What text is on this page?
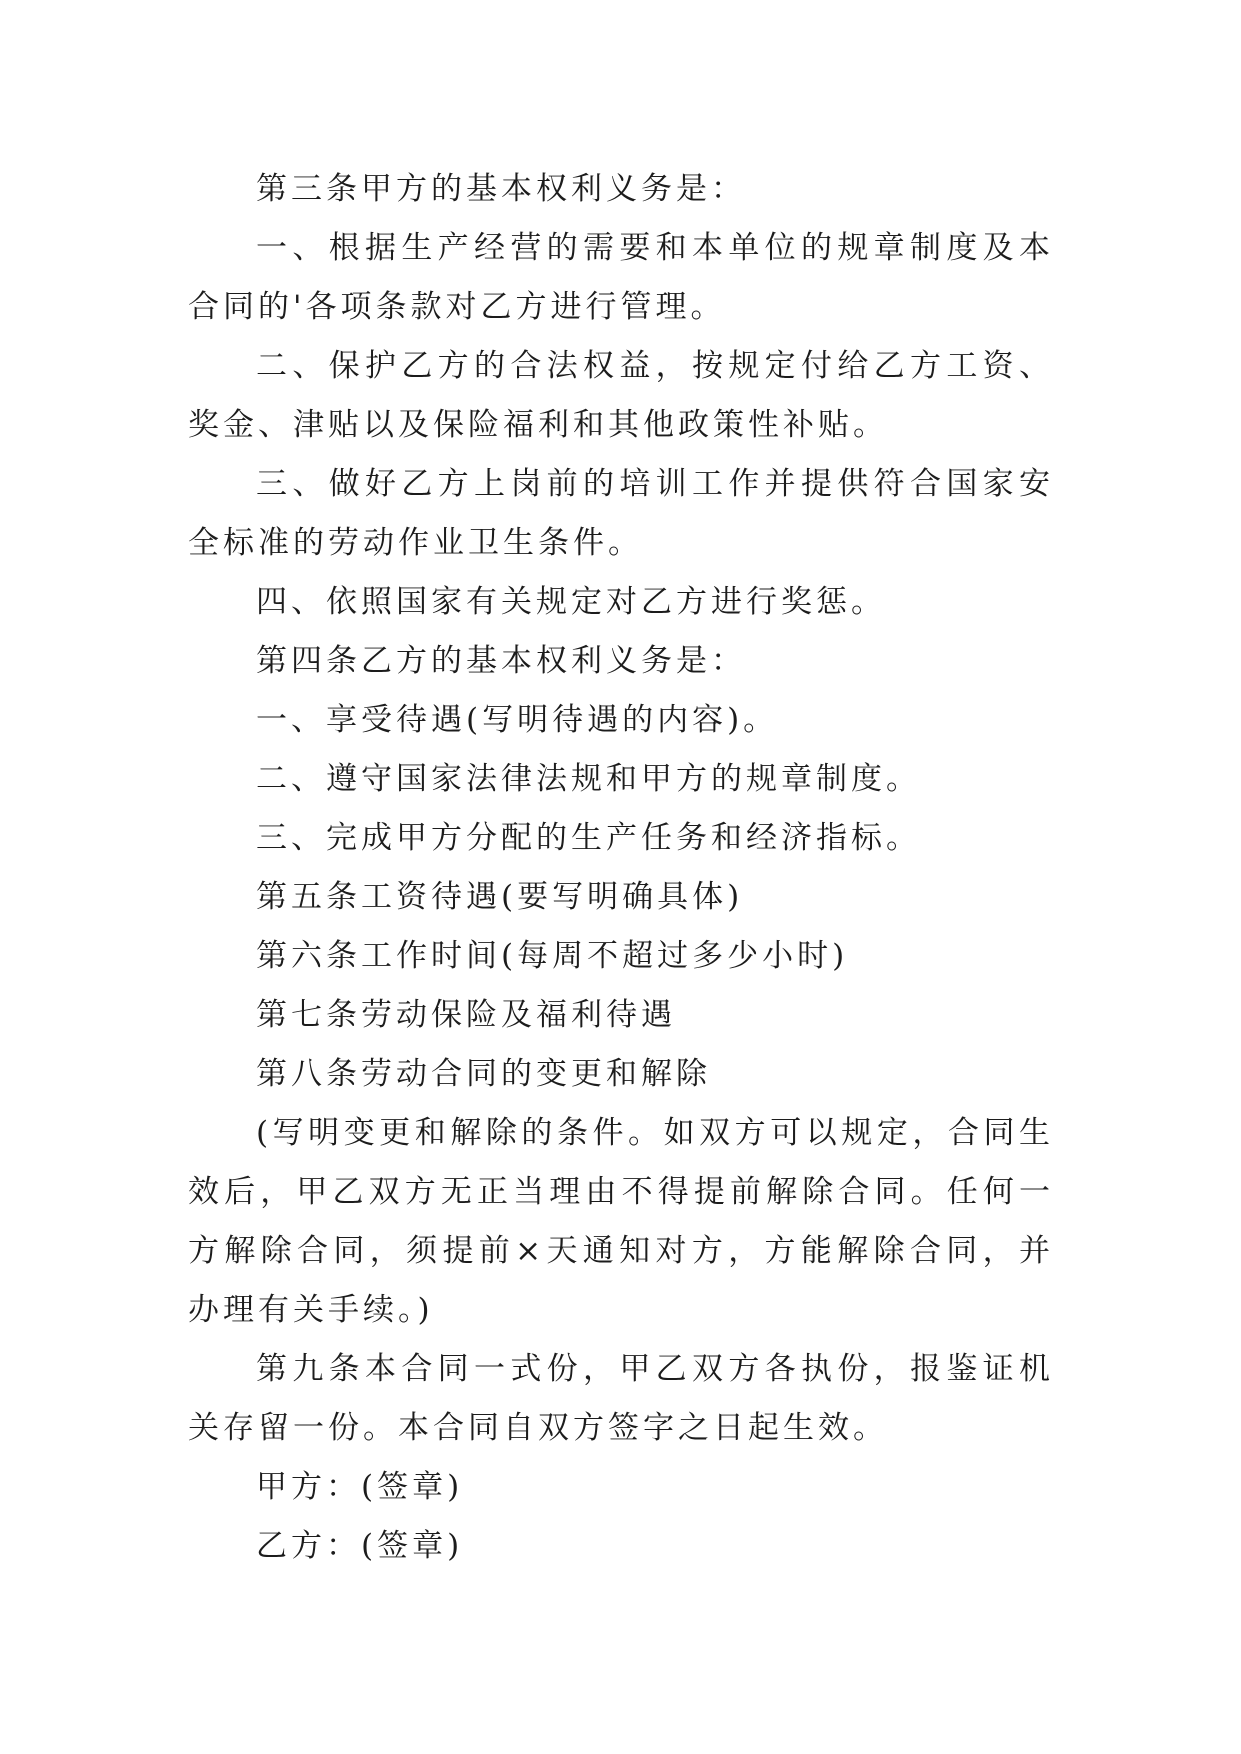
第三条甲方的基本权利义务是：

一、根据生产经营的需要和本单位的规章制度及本合同的'各项条款对乙方进行管理。

二、保护乙方的合法权益，按规定付给乙方工资、奖金、津贴以及保险福利和其他政策性补贴。

三、做好乙方上岗前的培训工作并提供符合国家安全标准的劳动作业卫生条件。

四、依照国家有关规定对乙方进行奖惩。

第四条乙方的基本权利义务是：

一、享受待遇(写明待遇的内容)。

二、遵守国家法律法规和甲方的规章制度。

三、完成甲方分配的生产任务和经济指标。

第五条工资待遇(要写明确具体)

第六条工作时间(每周不超过多少小时)

第七条劳动保险及福利待遇

第八条劳动合同的变更和解除

(写明变更和解除的条件。如双方可以规定，合同生效后，甲乙双方无正当理由不得提前解除合同。任何一方解除合同，须提前×天通知对方，方能解除合同，并办理有关手续。)

第九条本合同一式份，甲乙双方各执份，报鉴证机关存留一份。本合同自双方签字之日起生效。

甲方：(签章)

乙方：(签章)
